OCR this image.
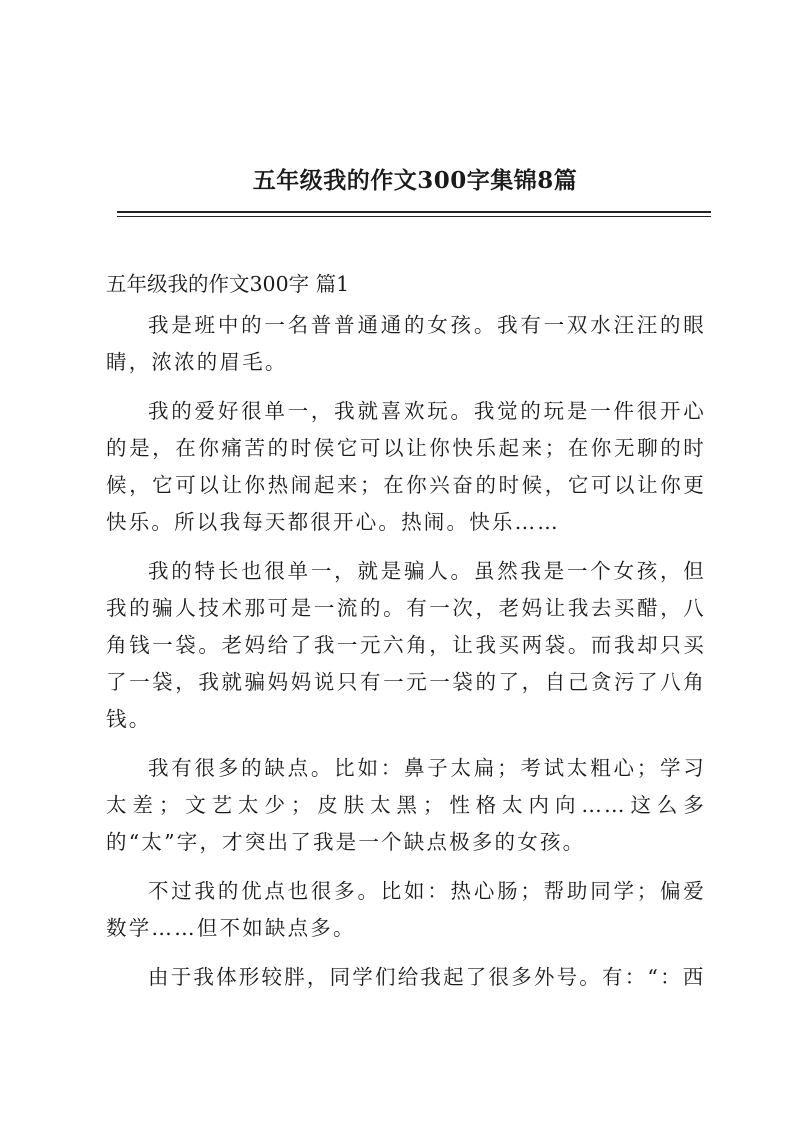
五年级我的作文300字集锦8篇
五年级我的作文300字 篇1

我是班中的一名普普通通的女孩。我有一双水汪汪的眼睛，浓浓的眉毛。

我的爱好很单一，我就喜欢玩。我觉的玩是一件很开心的是，在你痛苦的时侯它可以让你快乐起来；在你无聊的时候，它可以让你热闹起来；在你兴奋的时候，它可以让你更快乐。所以我每天都很开心。热闹。快乐……

我的特长也很单一，就是骗人。虽然我是一个女孩，但我的骗人技术那可是一流的。有一次，老妈让我去买醋，八角钱一袋。老妈给了我一元六角，让我买两袋。而我却只买了一袋，我就骗妈妈说只有一元一袋的了，自己贪污了八角钱。

我有很多的缺点。比如：鼻子太扁；考试太粗心；学习太差；文艺太少；皮肤太黑；性格太内向……这么多的“太”字，才突出了我是一个缺点极多的女孩。

不过我的优点也很多。比如：热心肠；帮助同学；偏爱数学……但不如缺点多。

由于我体形较胖，同学们给我起了很多外号。有：“：西
